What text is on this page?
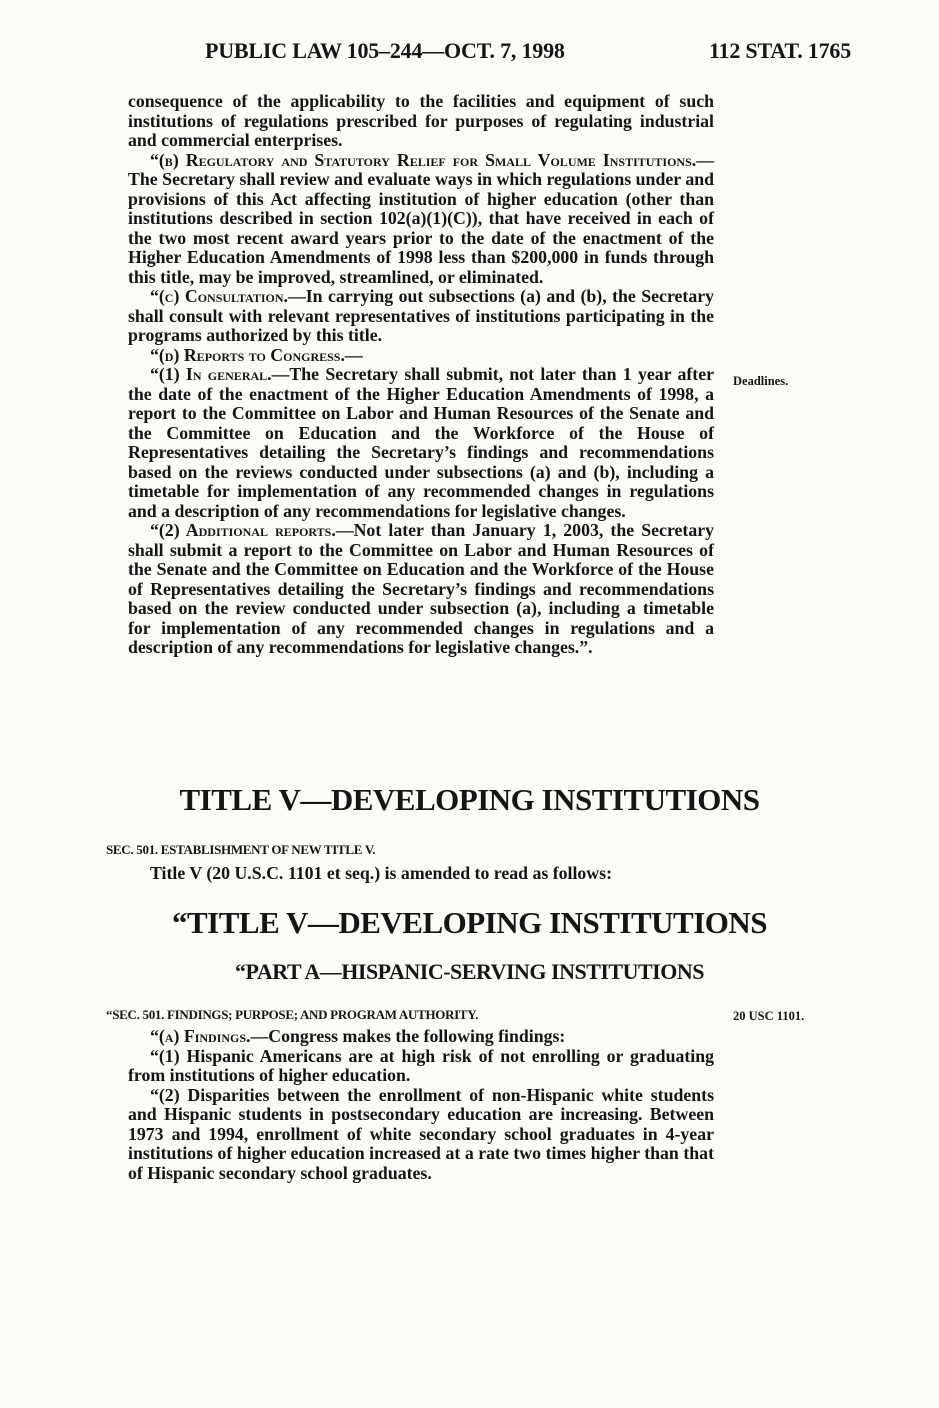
PUBLIC LAW 105–244—OCT. 7, 1998	112 STAT. 1765

consequence of the applicability to the facilities and equipment of such institutions of regulations prescribed for purposes of regulating industrial and commercial enterprises.

“(b) Regulatory and Statutory Relief for Small Volume Institutions.—The Secretary shall review and evaluate ways in which regulations under and provisions of this Act affecting institution of higher education (other than institutions described in section 102(a)(1)(C)), that have received in each of the two most recent award years prior to the date of the enactment of the Higher Education Amendments of 1998 less than $200,000 in funds through this title, may be improved, streamlined, or eliminated.

“(c) Consultation.—In carrying out subsections (a) and (b), the Secretary shall consult with relevant representatives of institutions participating in the programs authorized by this title.

“(d) Reports to Congress.—

“(1) In general.—The Secretary shall submit, not later than 1 year after the date of the enactment of the Higher Education Amendments of 1998, a report to the Committee on Labor and Human Resources of the Senate and the Committee on Education and the Workforce of the House of Representatives detailing the Secretary’s findings and recommendations based on the reviews conducted under subsections (a) and (b), including a timetable for implementation of any recommended changes in regulations and a description of any recommendations for legislative changes.

“(2) Additional reports.—Not later than January 1, 2003, the Secretary shall submit a report to the Committee on Labor and Human Resources of the Senate and the Committee on Education and the Workforce of the House of Representatives detailing the Secretary’s findings and recommendations based on the review conducted under subsection (a), including a timetable for implementation of any recommended changes in regulations and a description of any recommendations for legislative changes.”.

Deadlines.
TITLE V—DEVELOPING INSTITUTIONS
SEC. 501. ESTABLISHMENT OF NEW TITLE V.

Title V (20 U.S.C. 1101 et seq.) is amended to read as follows:

“TITLE V—DEVELOPING INSTITUTIONS
“PART A—HISPANIC-SERVING INSTITUTIONS
“SEC. 501. FINDINGS; PURPOSE; AND PROGRAM AUTHORITY.	20 USC 1101.

“(a) Findings.—Congress makes the following findings:

“(1) Hispanic Americans are at high risk of not enrolling or graduating from institutions of higher education.

“(2) Disparities between the enrollment of non-Hispanic white students and Hispanic students in postsecondary education are increasing. Between 1973 and 1994, enrollment of white secondary school graduates in 4-year institutions of higher education increased at a rate two times higher than that of Hispanic secondary school graduates.
